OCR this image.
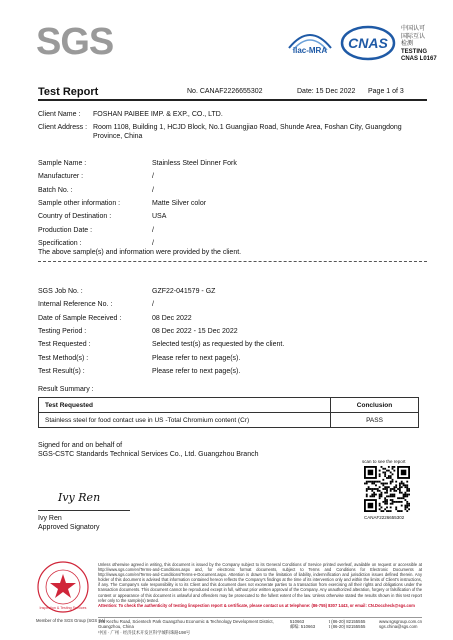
SGS	ilac-MRA CNAS
中国认可
国际互认
检测
TESTING
CNAS L0167
Test Report	No. CANAF2226655302	Date: 15 Dec 2022 Page 1 of 3
Client Name : FOSHAN PAIBEE IMP. & EXP., CO., LTD.
Client Address : Room 1108, Building 1, HCJD Block, No.1 Guangjiao Road, Shunde Area, Foshan City, Guangdong
Province, China
Sample Name :	Stainless Steel Dinner Fork
Manufacturer :	/
Batch No. :	/
Sample other information :	Matte Silver color
Country of Destination :	USA
Production Date :	/
Specification :	/
The above sample(s) and information were provided by the client.
SGS Job No. :	GZF22-041579 - GZ
Internal Reference No. :	/
Date of Sample Received :	08 Dec 2022
Testing Period :	08 Dec 2022 - 15 Dec 2022
Test Requested :	Selected test(s) as requested by the client.
Test Method(s) :	Please refer to next page(s).
Test Result(s) :	Please refer to next page(s).
Result Summary :
Test Requested	Conclusion
Stainless steel for food contact use in US -Total Chromium content (Cr)	PASS
Signed for and on behalf of
SGS-CSTC Standards Technical Services Co., Ltd. Guangzhou Branch
Ivy Ren
Ivy Ren
Approved Signatory
scan to see the report
CANAF2226655302
Inspection & Testing Services
Unless otherwise agreed in writing, this document is issued by the Company subject to its General Conditions of Service printed overleaf, available on request or accessible at http://www.sgs.com/en/Terms-and-Conditions.aspx and, for electronic format documents, subject to Terms and Conditions for Electronic Documents at http://www.sgs.com/en/Terms-and-Conditions/Terms-e-Document.aspx. Attention is drawn to the limitation of liability, indemnification and jurisdiction issues defined therein. Any holder of this document is advised that information contained hereon reflects the Company's findings at the time of its intervention only and within the limits of Client's instructions, if any. The Company's sole responsibility is to its Client and this document does not exonerate parties to a transaction from exercising all their rights and obligations under the transaction documents. This document cannot be reproduced except in full, without prior written approval of the Company. Any unauthorized alteration, forgery or falsification of the content or appearance of this document is unlawful and offenders may be prosecuted to the fullest extent of the law. Unless otherwise stated the results shown in this test report refer only to the sample(s) tested.
Attention: To check the authenticity of testing /inspection report & certificate, please contact us at telephone: (86-755) 8307 1443, or email: CN.Doccheck@sgs.com
198 Kezhu Road, Scientech Park Guangzhou Economic & Technology Development District, Guangzhou, China
中国 · 广州 · 经济技术开发区科学城科珠路198号
510663
邮编: 510663
t (86-20) 82155555
t (86-20) 82155555
www.sgsgroup.com.cn
sgs.china@sgs.com
Member of the SGS Group (SGS SA)
